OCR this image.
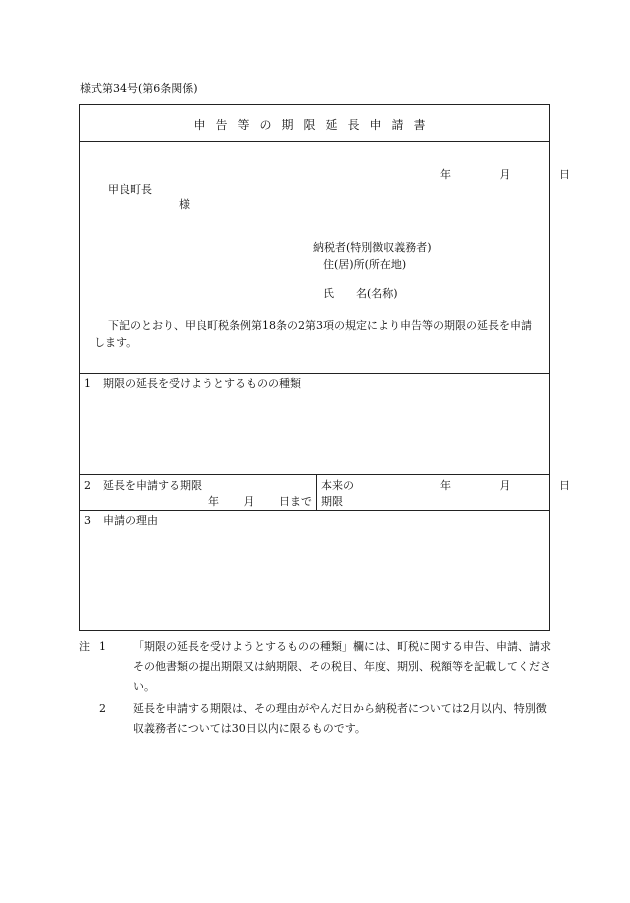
様式第34号(第6条関係)
申告等の期限延長申請書
年	月	日
甲良町長
様
納税者(特別徴収義務者)
住(居)所(所在地)
氏　　名(名称)
下記のとおり、甲良町税条例第18条の2第3項の規定により申告等の期限の延長を申請します。
1 期限の延長を受けようとするものの種類
2 延長を申請する期限
年 月 日まで
本来の
期限
年	月	日
3 申請の理由
注 1	「期限の延長を受けようとするものの種類」欄には、町税に関する申告、申請、請求その他書類の提出期限又は納期限、その税目、年度、期別、税額等を記載してください。
2	延長を申請する期限は、その理由がやんだ日から納税者については2月以内、特別徴収義務者については30日以内に限るものです。
